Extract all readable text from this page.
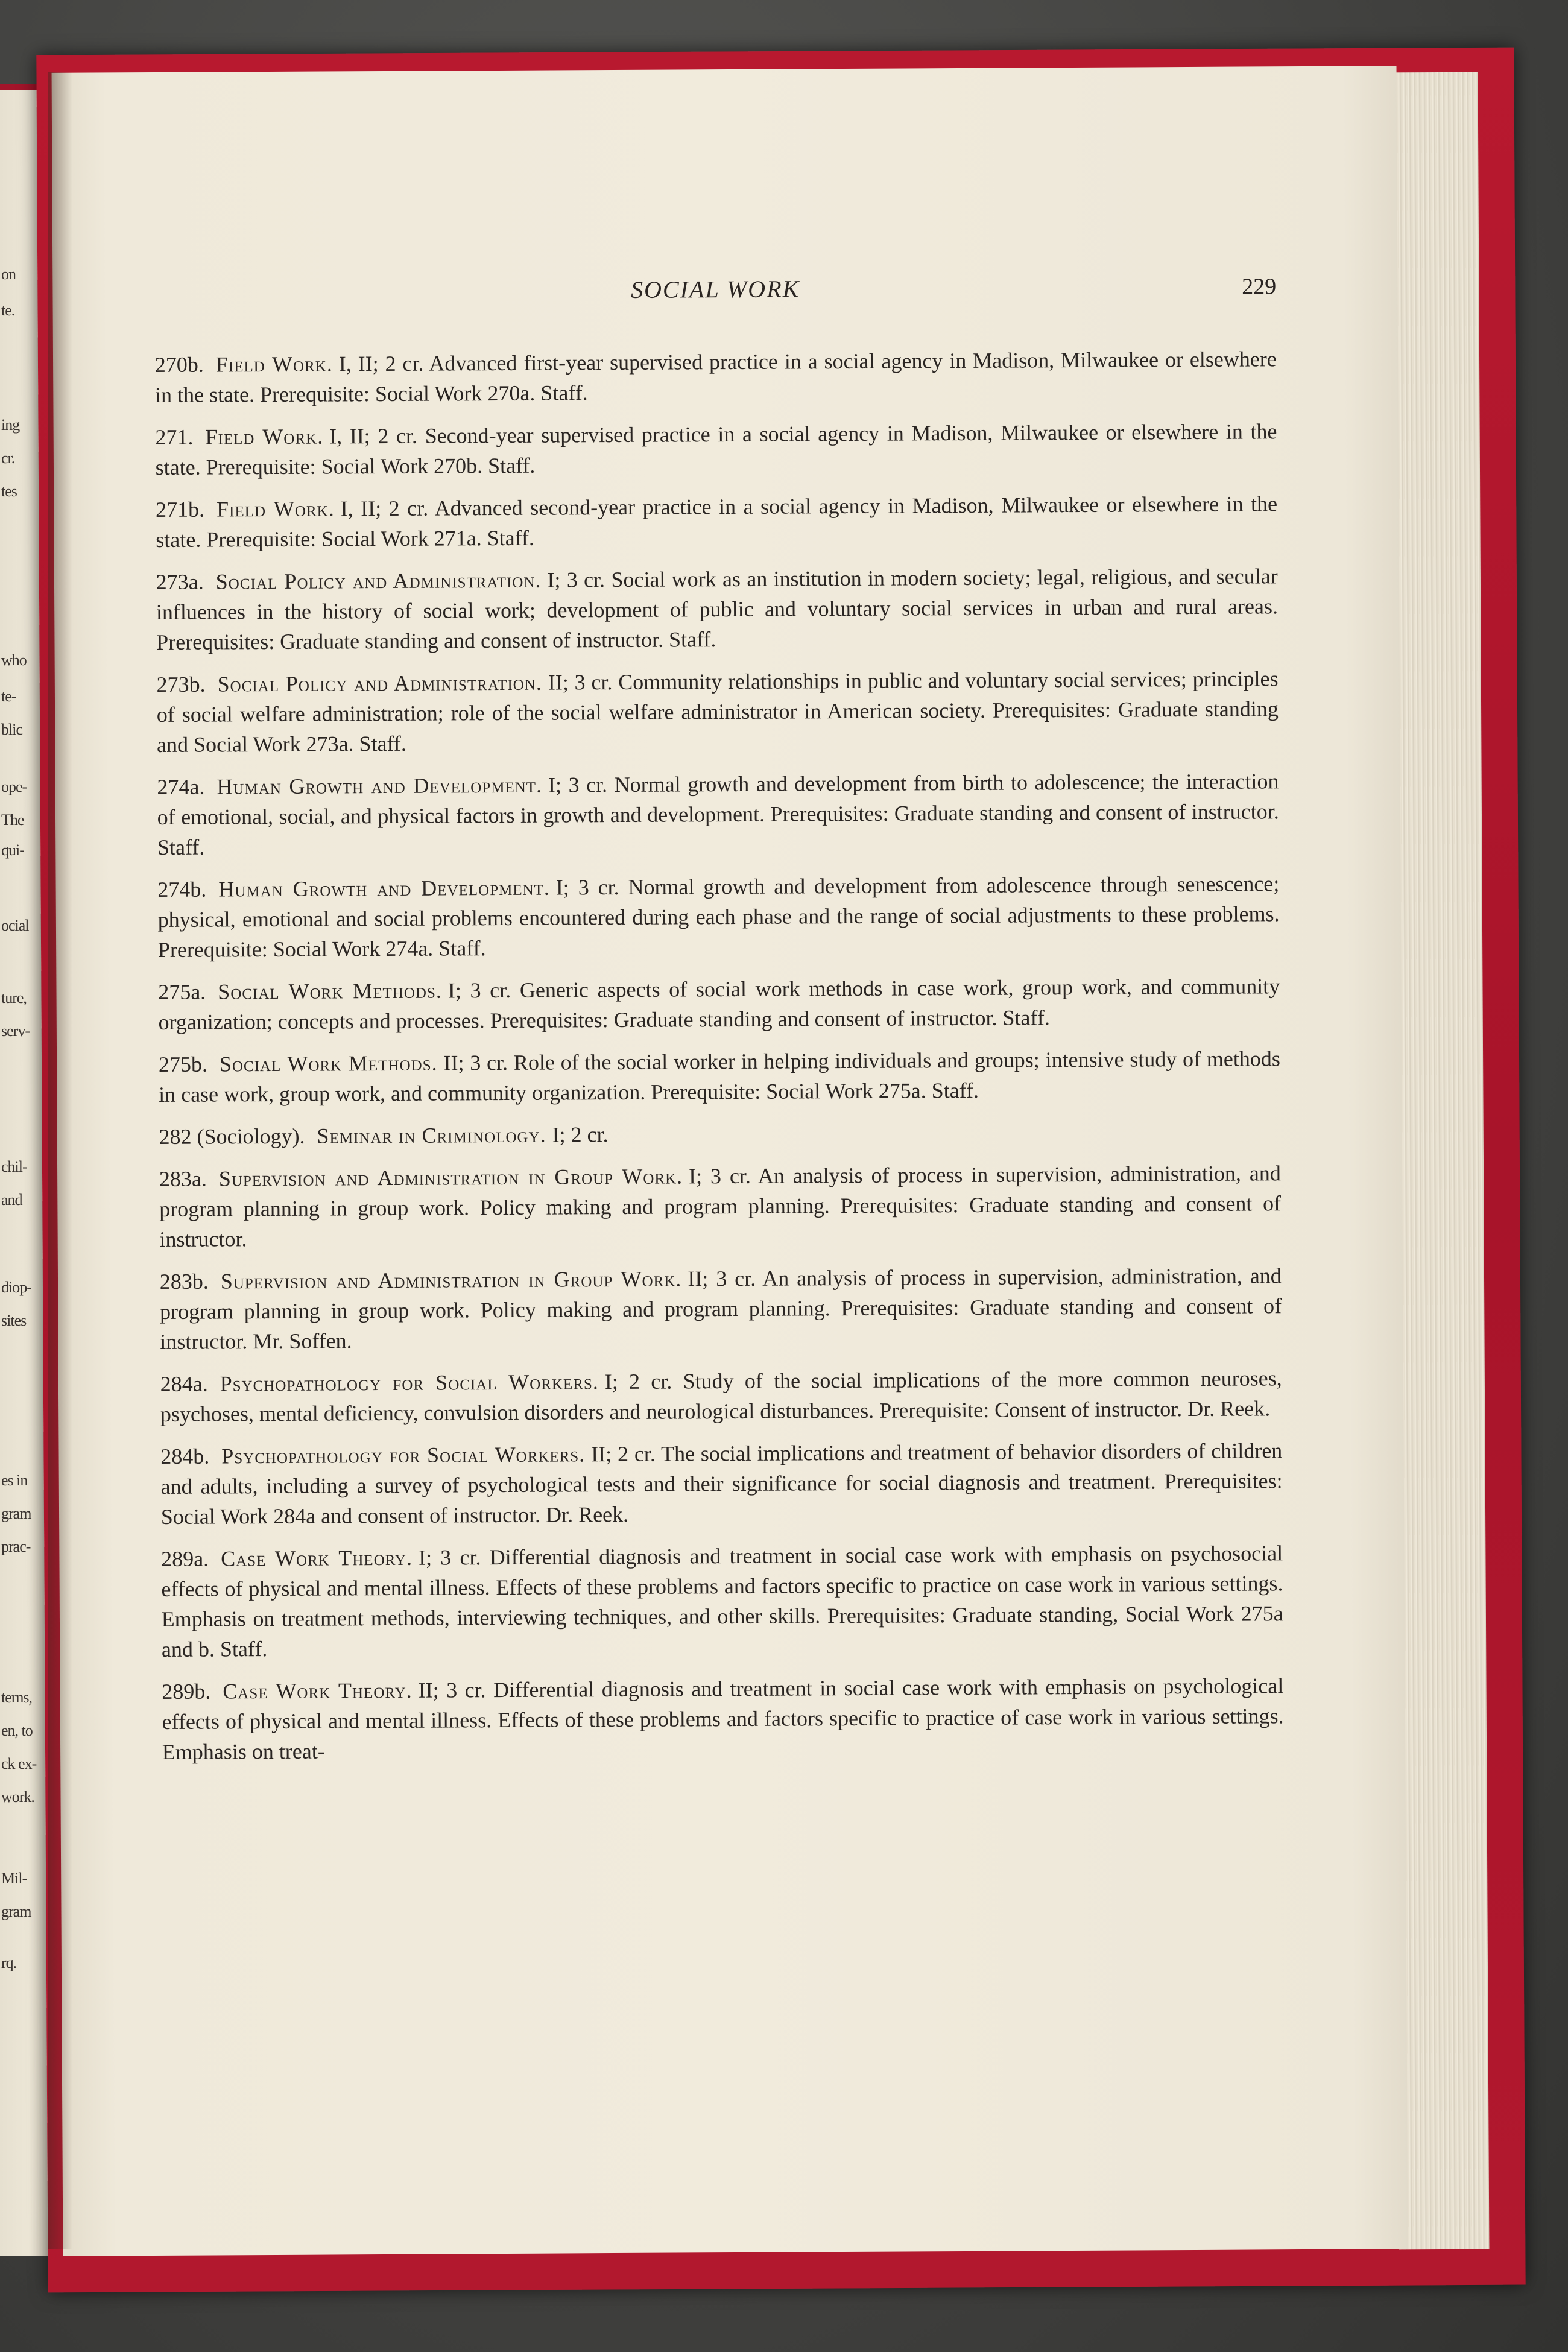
on
te.
ing
cr.
tes
who
te-
blic
ope-
The
qui-
ocial
ture,
serv-
chil-
and
diop-
sites
es in
gram
prac-
terns,
en, to
ck ex-
work.
Mil-
gram
rq.
SOCIAL WORK	229

270b. Field Work. I, II; 2 cr. Advanced first-year supervised practice in a social agency in Madison, Milwaukee or elsewhere in the state. Prerequisite: Social Work 270a. Staff.

271. Field Work. I, II; 2 cr. Second-year supervised practice in a social agency in Madison, Milwaukee or elsewhere in the state. Prerequisite: Social Work 270b. Staff.

271b. Field Work. I, II; 2 cr. Advanced second-year practice in a social agency in Madison, Milwaukee or elsewhere in the state. Prerequisite: Social Work 271a. Staff.

273a. Social Policy and Administration. I; 3 cr. Social work as an institution in modern society; legal, religious, and secular influences in the history of social work; development of public and voluntary social services in urban and rural areas. Prerequisites: Graduate standing and consent of instructor. Staff.

273b. Social Policy and Administration. II; 3 cr. Community relationships in public and voluntary social services; principles of social welfare administration; role of the social welfare administrator in American society. Prerequisites: Graduate standing and Social Work 273a. Staff.

274a. Human Growth and Development. I; 3 cr. Normal growth and development from birth to adolescence; the interaction of emotional, social, and physical factors in growth and development. Prerequisites: Graduate standing and consent of instructor. Staff.

274b. Human Growth and Development. I; 3 cr. Normal growth and development from adolescence through senescence; physical, emotional and social problems encountered during each phase and the range of social adjustments to these problems. Prerequisite: Social Work 274a. Staff.

275a. Social Work Methods. I; 3 cr. Generic aspects of social work methods in case work, group work, and community organization; concepts and processes. Prerequisites: Graduate standing and consent of instructor. Staff.

275b. Social Work Methods. II; 3 cr. Role of the social worker in helping individuals and groups; intensive study of methods in case work, group work, and community organization. Prerequisite: Social Work 275a. Staff.

282 (Sociology). Seminar in Criminology. I; 2 cr.

283a. Supervision and Administration in Group Work. I; 3 cr. An analysis of process in supervision, administration, and program planning in group work. Policy making and program planning. Prerequisites: Graduate standing and consent of instructor.

283b. Supervision and Administration in Group Work. II; 3 cr. An analysis of process in supervision, administration, and program planning in group work. Policy making and program planning. Prerequisites: Graduate standing and consent of instructor. Mr. Soffen.

284a. Psychopathology for Social Workers. I; 2 cr. Study of the social implications of the more common neuroses, psychoses, mental deficiency, convulsion disorders and neurological disturbances. Prerequisite: Consent of instructor. Dr. Reek.

284b. Psychopathology for Social Workers. II; 2 cr. The social implications and treatment of behavior disorders of children and adults, including a survey of psychological tests and their significance for social diagnosis and treatment. Prerequisites: Social Work 284a and consent of instructor. Dr. Reek.

289a. Case Work Theory. I; 3 cr. Differential diagnosis and treatment in social case work with emphasis on psychosocial effects of physical and mental illness. Effects of these problems and factors specific to practice on case work in various settings. Emphasis on treatment methods, interviewing techniques, and other skills. Prerequisites: Graduate standing, Social Work 275a and b. Staff.

289b. Case Work Theory. II; 3 cr. Differential diagnosis and treatment in social case work with emphasis on psychological effects of physical and mental illness. Effects of these problems and factors specific to practice of case work in various settings. Emphasis on treat-
